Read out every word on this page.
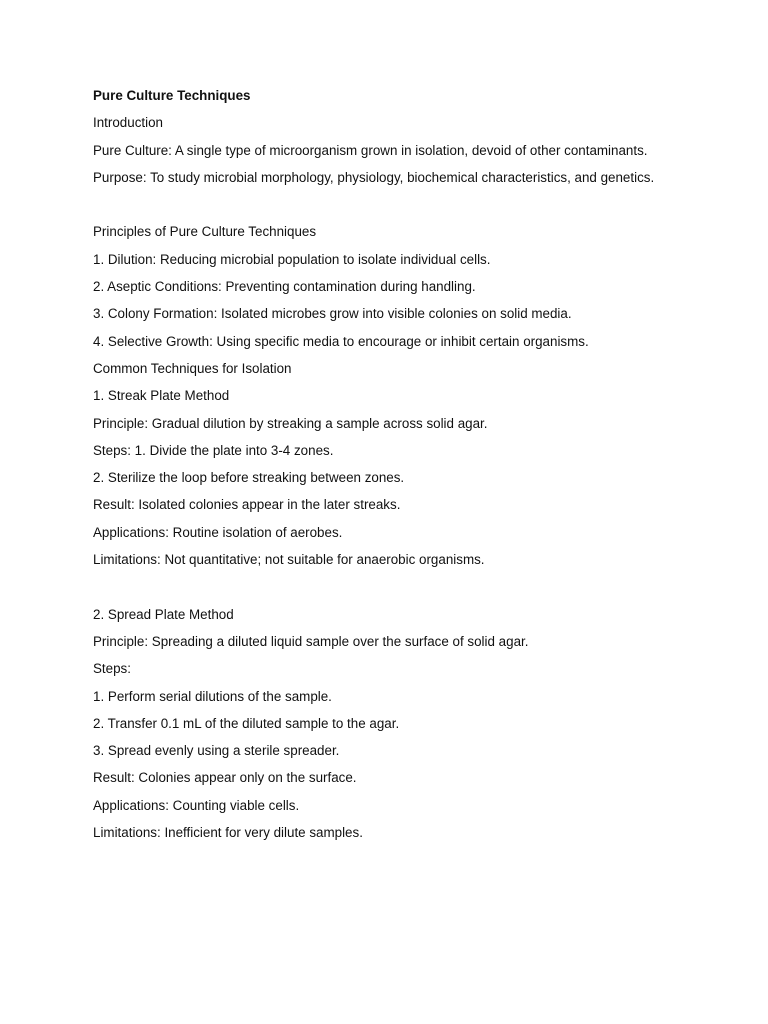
Pure Culture Techniques
Introduction
Pure Culture: A single type of microorganism grown in isolation, devoid of other contaminants.
Purpose: To study microbial morphology, physiology, biochemical characteristics, and genetics.
Principles of Pure Culture Techniques
1. Dilution: Reducing microbial population to isolate individual cells.
2. Aseptic Conditions: Preventing contamination during handling.
3. Colony Formation: Isolated microbes grow into visible colonies on solid media.
4. Selective Growth: Using specific media to encourage or inhibit certain organisms.
Common Techniques for Isolation
1. Streak Plate Method
Principle: Gradual dilution by streaking a sample across solid agar.
Steps: 1. Divide the plate into 3-4 zones.
2. Sterilize the loop before streaking between zones.
Result: Isolated colonies appear in the later streaks.
Applications: Routine isolation of aerobes.
Limitations: Not quantitative; not suitable for anaerobic organisms.
2. Spread Plate Method
Principle: Spreading a diluted liquid sample over the surface of solid agar.
Steps:
1. Perform serial dilutions of the sample.
2. Transfer 0.1 mL of the diluted sample to the agar.
3. Spread evenly using a sterile spreader.
Result: Colonies appear only on the surface.
Applications: Counting viable cells.
Limitations: Inefficient for very dilute samples.
